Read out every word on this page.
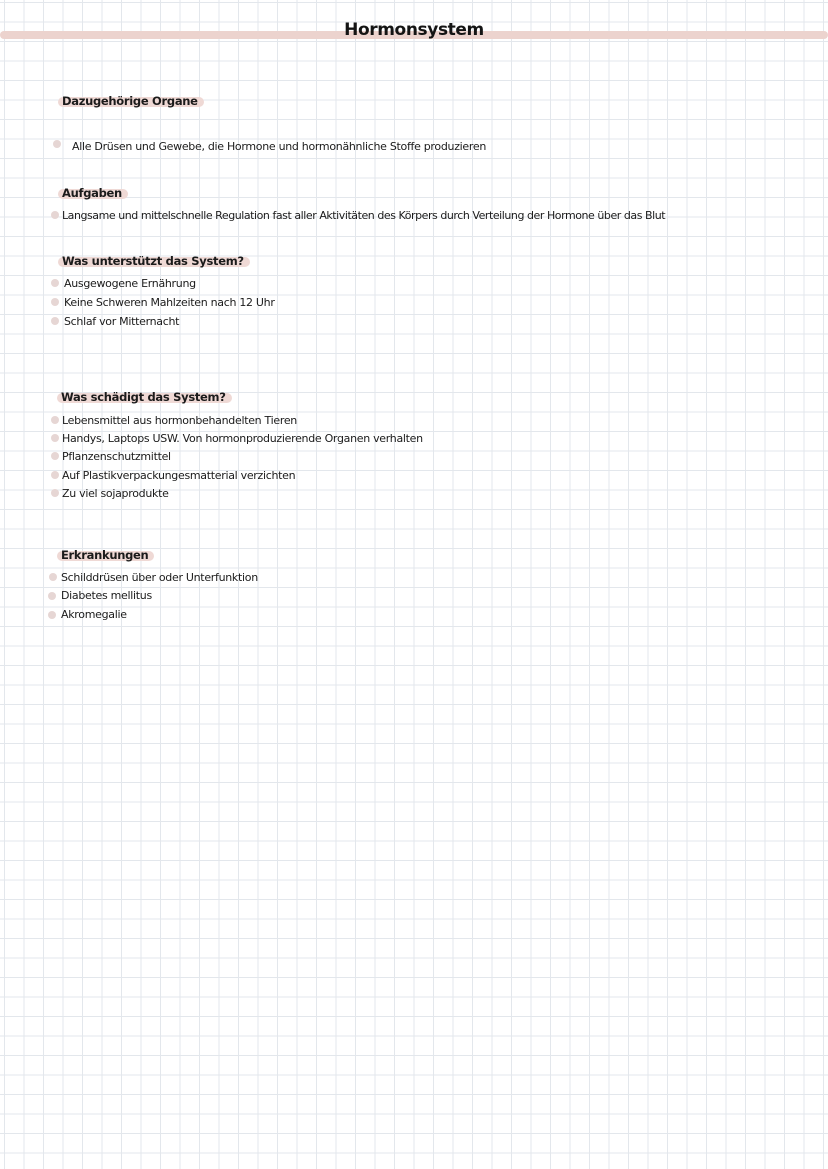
Hormonsystem
Dazugehörige Organe
Alle Drüsen und Gewebe, die Hormone und hormonähnliche Stoffe produzieren
Aufgaben
Langsame und mittelschnelle Regulation fast aller Aktivitäten des Körpers durch Verteilung der Hormone über das Blut
Was unterstützt das System?
Ausgewogene Ernährung
Keine Schweren Mahlzeiten nach 12 Uhr
Schlaf vor Mitternacht
Was schädigt das System?
Lebensmittel aus hormonbehandelten Tieren
Handys, Laptops USW. Von hormonproduzierende Organen verhalten
Pflanzenschutzmittel
Auf Plastikverpackungesmatterial verzichten
Zu viel sojaprodukte
Erkrankungen
Schilddrüsen über oder Unterfunktion
Diabetes mellitus
Akromegalie
